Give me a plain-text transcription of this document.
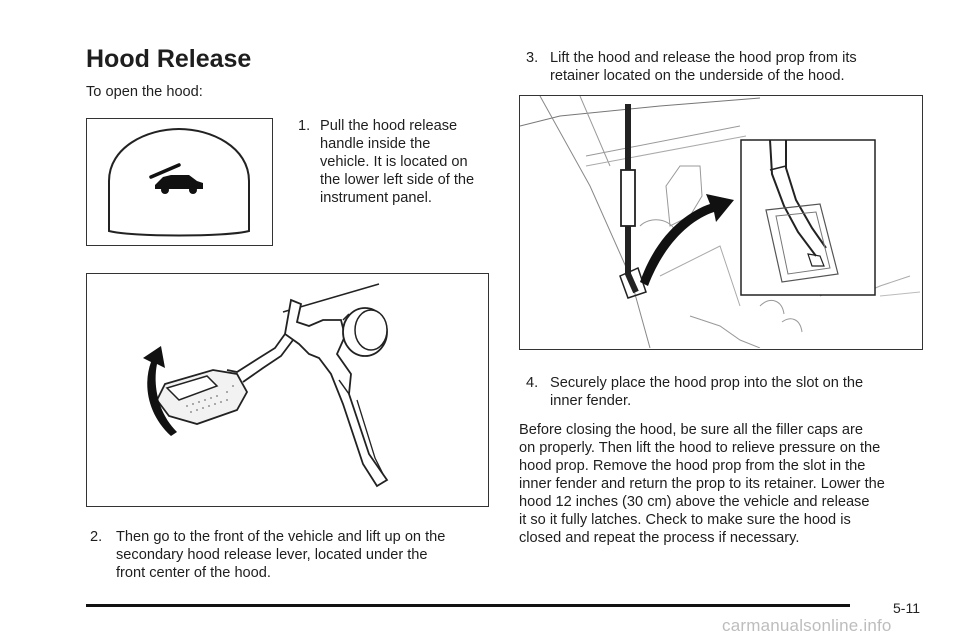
Hood Release
To open the hood:
1. Pull the hood release
handle inside the
vehicle. It is located on
the lower left side of the
instrument panel.
2. Then go to the front of the vehicle and lift up on the
secondary hood release lever, located under the
front center of the hood.
3. Lift the hood and release the hood prop from its
retainer located on the underside of the hood.
4. Securely place the hood prop into the slot on the
inner fender.
Before closing the hood, be sure all the filler caps are
on properly. Then lift the hood to relieve pressure on the
hood prop. Remove the hood prop from the slot in the
inner fender and return the prop to its retainer. Lower the
hood 12 inches (30 cm) above the vehicle and release
it so it fully latches. Check to make sure the hood is
closed and repeat the process if necessary.
5-11
carmanualsonline.info
